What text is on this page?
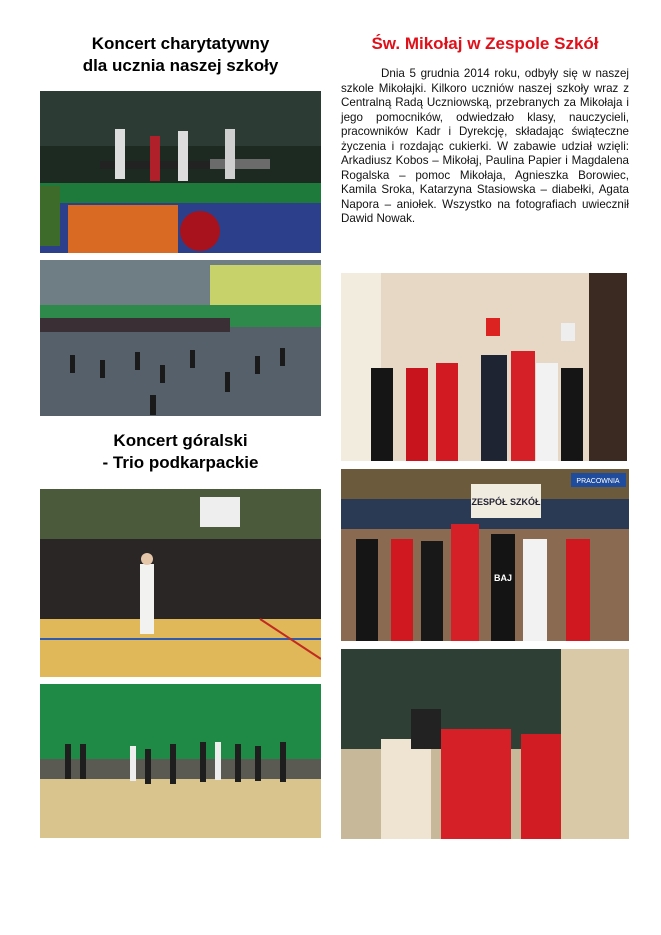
Koncert charytatywny
dla ucznia naszej szkoły
Koncert góralski
- Trio podkarpackie
Św. Mikołaj w Zespole Szkół
Dnia 5 grudnia 2014 roku, odbyły się w naszej szkole Mikołajki. Kilkoro uczniów naszej szkoły wraz z Centralną Radą Uczniowską, przebranych za Mikołaja i jego pomocników, odwiedzało klasy, nauczycieli, pracowników Kadr i Dyrekcję, składając świąteczne życzenia i rozdając cukierki. W zabawie udział wzięli: Arkadiusz Kobos – Mikołaj, Paulina Papier i Magdalena Rogalska – pomoc Mikołaja, Agnieszka Borowiec, Kamila Sroka, Katarzyna Stasiowska – diabełki, Agata Napora – aniołek. Wszystko na fotografiach uwiecznił Dawid Nowak.
ZESPÓŁ SZKÓŁ
PRACOWNIA
BAJ
